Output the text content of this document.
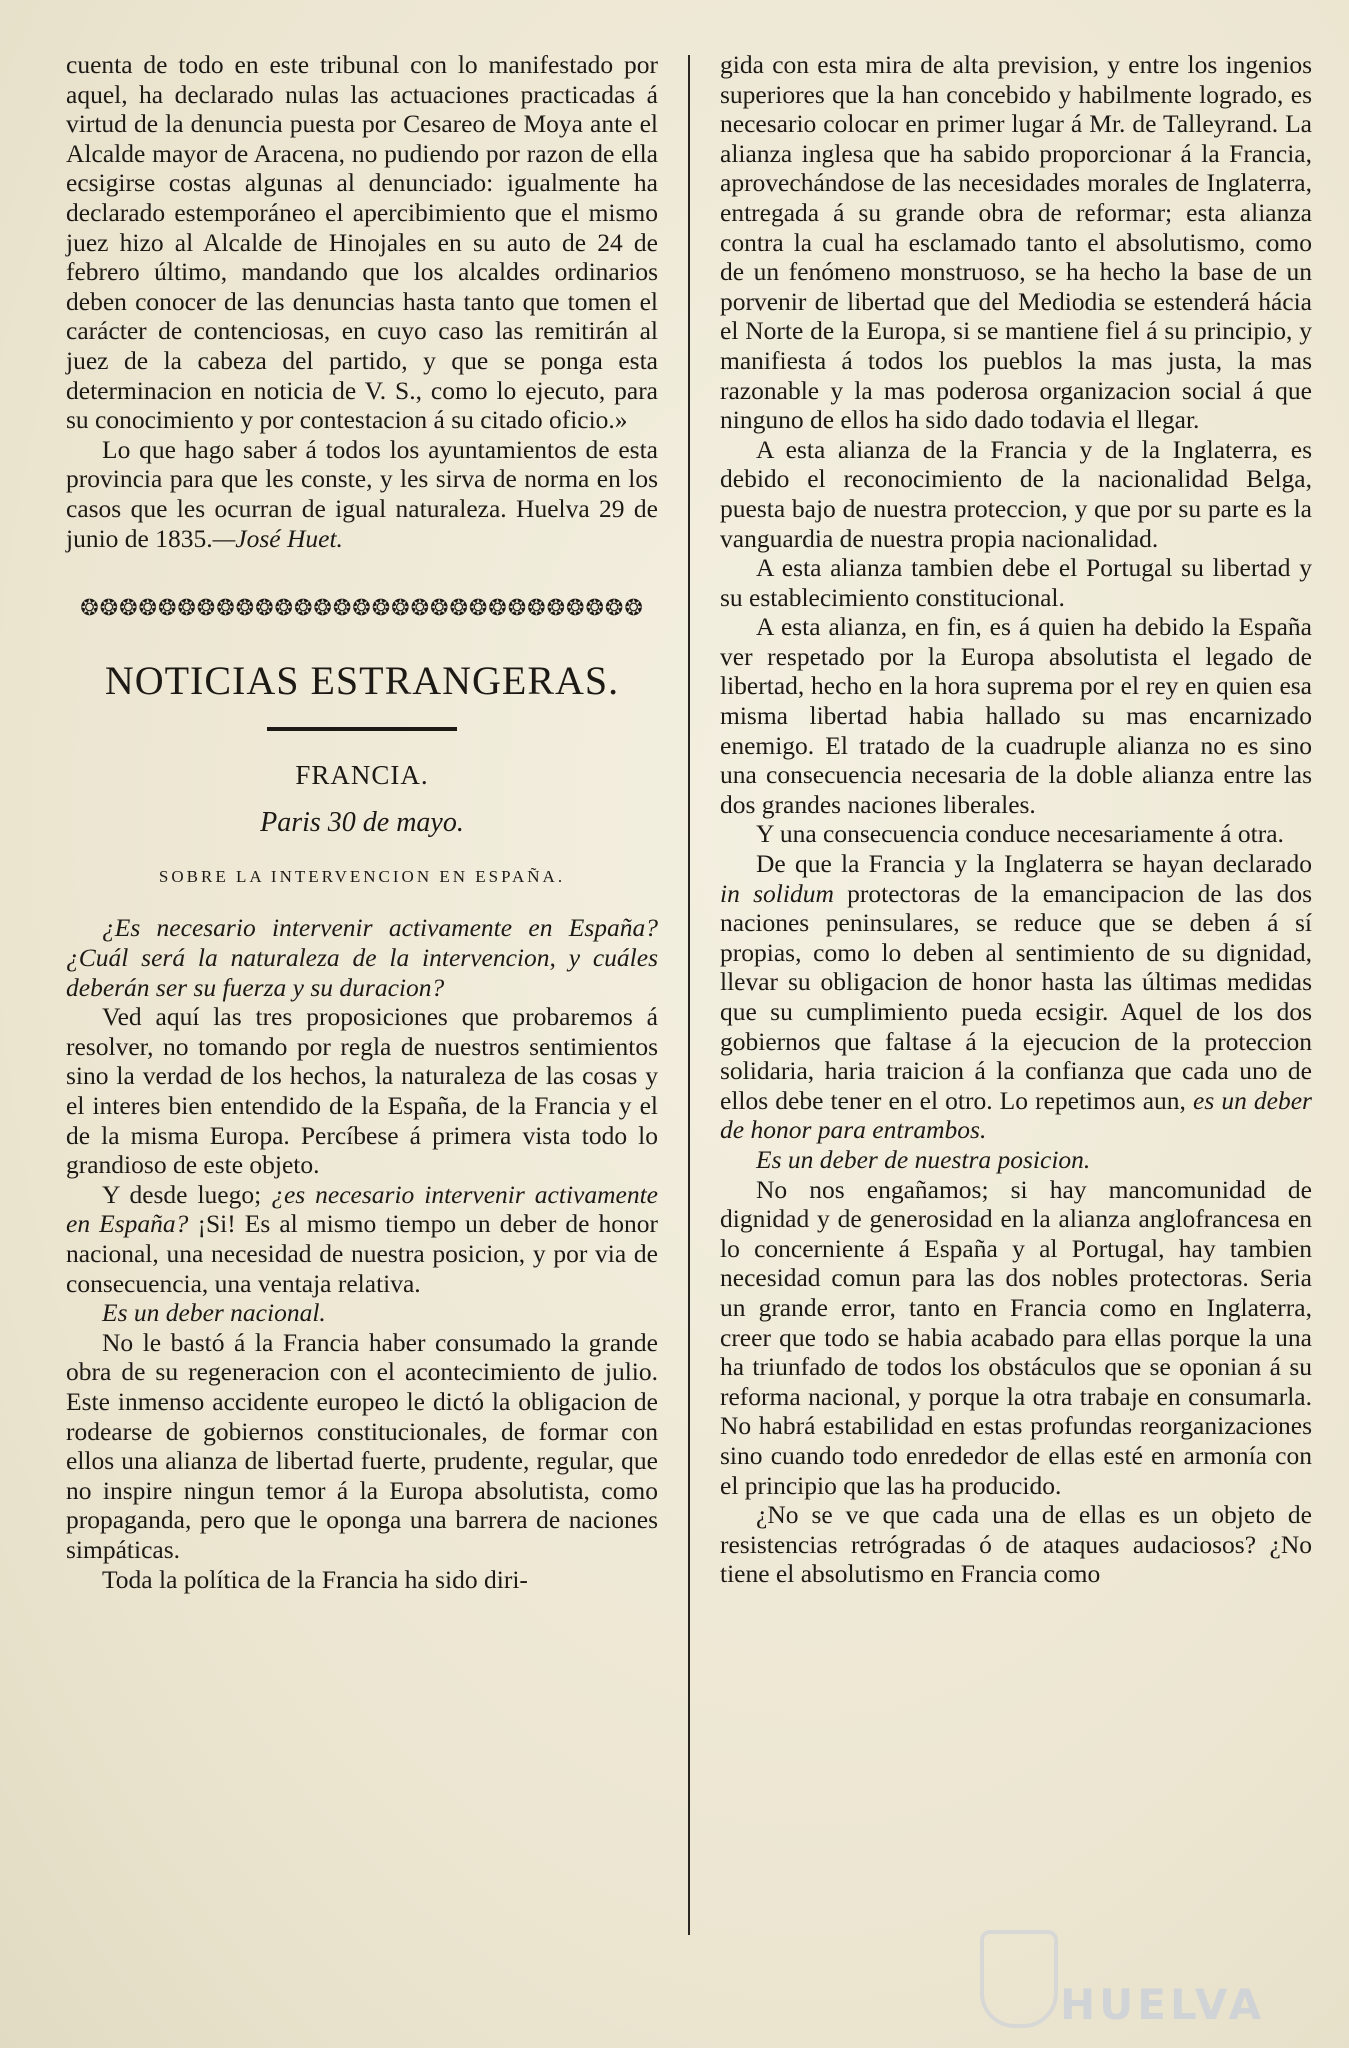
cuenta de todo en este tribunal con lo manifestado por aquel, ha declarado nulas las actuaciones practicadas á virtud de la denuncia puesta por Cesareo de Moya ante el Alcalde mayor de Aracena, no pudiendo por razon de ella ecsigirse costas algunas al denunciado: igualmente ha declarado estemporáneo el apercibimiento que el mismo juez hizo al Alcalde de Hinojales en su auto de 24 de febrero último, mandando que los alcaldes ordinarios deben conocer de las denuncias hasta tanto que tomen el carácter de contenciosas, en cuyo caso las remitirán al juez de la cabeza del partido, y que se ponga esta determinacion en noticia de V. S., como lo ejecuto, para su conocimiento y por contestacion á su citado oficio.»

Lo que hago saber á todos los ayuntamientos de esta provincia para que les conste, y les sirva de norma en los casos que les ocurran de igual naturaleza. Huelva 29 de junio de 1835.—José Huet.

❂❂❂❂❂❂❂❂❂❂❂❂❂❂❂❂❂❂❂❂❂❂❂❂❂❂❂❂❂
NOTICIAS ESTRANGERAS.
FRANCIA.
Paris 30 de mayo.
SOBRE LA INTERVENCION EN ESPAÑA.

¿Es necesario intervenir activamente en España? ¿Cuál será la naturaleza de la intervencion, y cuáles deberán ser su fuerza y su duracion?

Ved aquí las tres proposiciones que probaremos á resolver, no tomando por regla de nuestros sentimientos sino la verdad de los hechos, la naturaleza de las cosas y el interes bien entendido de la España, de la Francia y el de la misma Europa. Percíbese á primera vista todo lo grandioso de este objeto.

Y desde luego; ¿es necesario intervenir activamente en España? ¡Si! Es al mismo tiempo un deber de honor nacional, una necesidad de nuestra posicion, y por via de consecuencia, una ventaja relativa.

Es un deber nacional.

No le bastó á la Francia haber consumado la grande obra de su regeneracion con el acontecimiento de julio. Este inmenso accidente europeo le dictó la obligacion de rodearse de gobiernos constitucionales, de formar con ellos una alianza de libertad fuerte, prudente, regular, que no inspire ningun temor á la Europa absolutista, como propaganda, pero que le oponga una barrera de naciones simpáticas.

Toda la política de la Francia ha sido diri-

gida con esta mira de alta prevision, y entre los ingenios superiores que la han concebido y habilmente logrado, es necesario colocar en primer lugar á Mr. de Talleyrand. La alianza inglesa que ha sabido proporcionar á la Francia, aprovechándose de las necesidades morales de Inglaterra, entregada á su grande obra de reformar; esta alianza contra la cual ha esclamado tanto el absolutismo, como de un fenómeno monstruoso, se ha hecho la base de un porvenir de libertad que del Mediodia se estenderá hácia el Norte de la Europa, si se mantiene fiel á su principio, y manifiesta á todos los pueblos la mas justa, la mas razonable y la mas poderosa organizacion social á que ninguno de ellos ha sido dado todavia el llegar.

A esta alianza de la Francia y de la Inglaterra, es debido el reconocimiento de la nacionalidad Belga, puesta bajo de nuestra proteccion, y que por su parte es la vanguardia de nuestra propia nacionalidad.

A esta alianza tambien debe el Portugal su libertad y su establecimiento constitucional.

A esta alianza, en fin, es á quien ha debido la España ver respetado por la Europa absolutista el legado de libertad, hecho en la hora suprema por el rey en quien esa misma libertad habia hallado su mas encarnizado enemigo. El tratado de la cuadruple alianza no es sino una consecuencia necesaria de la doble alianza entre las dos grandes naciones liberales.

Y una consecuencia conduce necesariamente á otra.

De que la Francia y la Inglaterra se hayan declarado in solidum protectoras de la emancipacion de las dos naciones peninsulares, se reduce que se deben á sí propias, como lo deben al sentimiento de su dignidad, llevar su obligacion de honor hasta las últimas medidas que su cumplimiento pueda ecsigir. Aquel de los dos gobiernos que faltase á la ejecucion de la proteccion solidaria, haria traicion á la confianza que cada uno de ellos debe tener en el otro. Lo repetimos aun, es un deber de honor para entrambos.

Es un deber de nuestra posicion.

No nos engañamos; si hay mancomunidad de dignidad y de generosidad en la alianza anglofrancesa en lo concerniente á España y al Portugal, hay tambien necesidad comun para las dos nobles protectoras. Seria un grande error, tanto en Francia como en Inglaterra, creer que todo se habia acabado para ellas porque la una ha triunfado de todos los obstáculos que se oponian á su reforma nacional, y porque la otra trabaje en consumarla. No habrá estabilidad en estas profundas reorganizaciones sino cuando todo enrededor de ellas esté en armonía con el principio que las ha producido.

¿No se ve que cada una de ellas es un objeto de resistencias retrógradas ó de ataques audaciosos? ¿No tiene el absolutismo en Francia como

HUELVA
